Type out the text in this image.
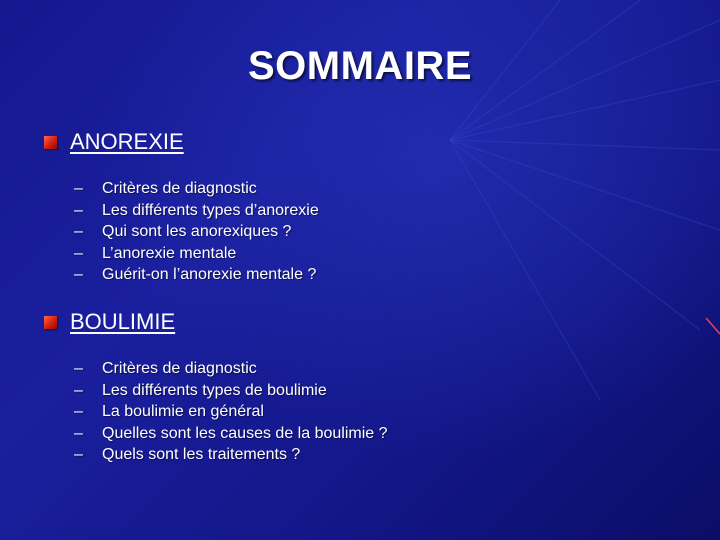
SOMMAIRE
ANOREXIE
–	Critères de diagnostic
–	Les différents types d’anorexie
–	Qui sont les anorexiques ?
–	L’anorexie mentale
–	Guérit-on l’anorexie mentale ?
BOULIMIE
–	Critères de diagnostic
–	Les différents types de boulimie
–	La boulimie en général
–	Quelles sont les causes de la boulimie ?
–	Quels sont les traitements ?
